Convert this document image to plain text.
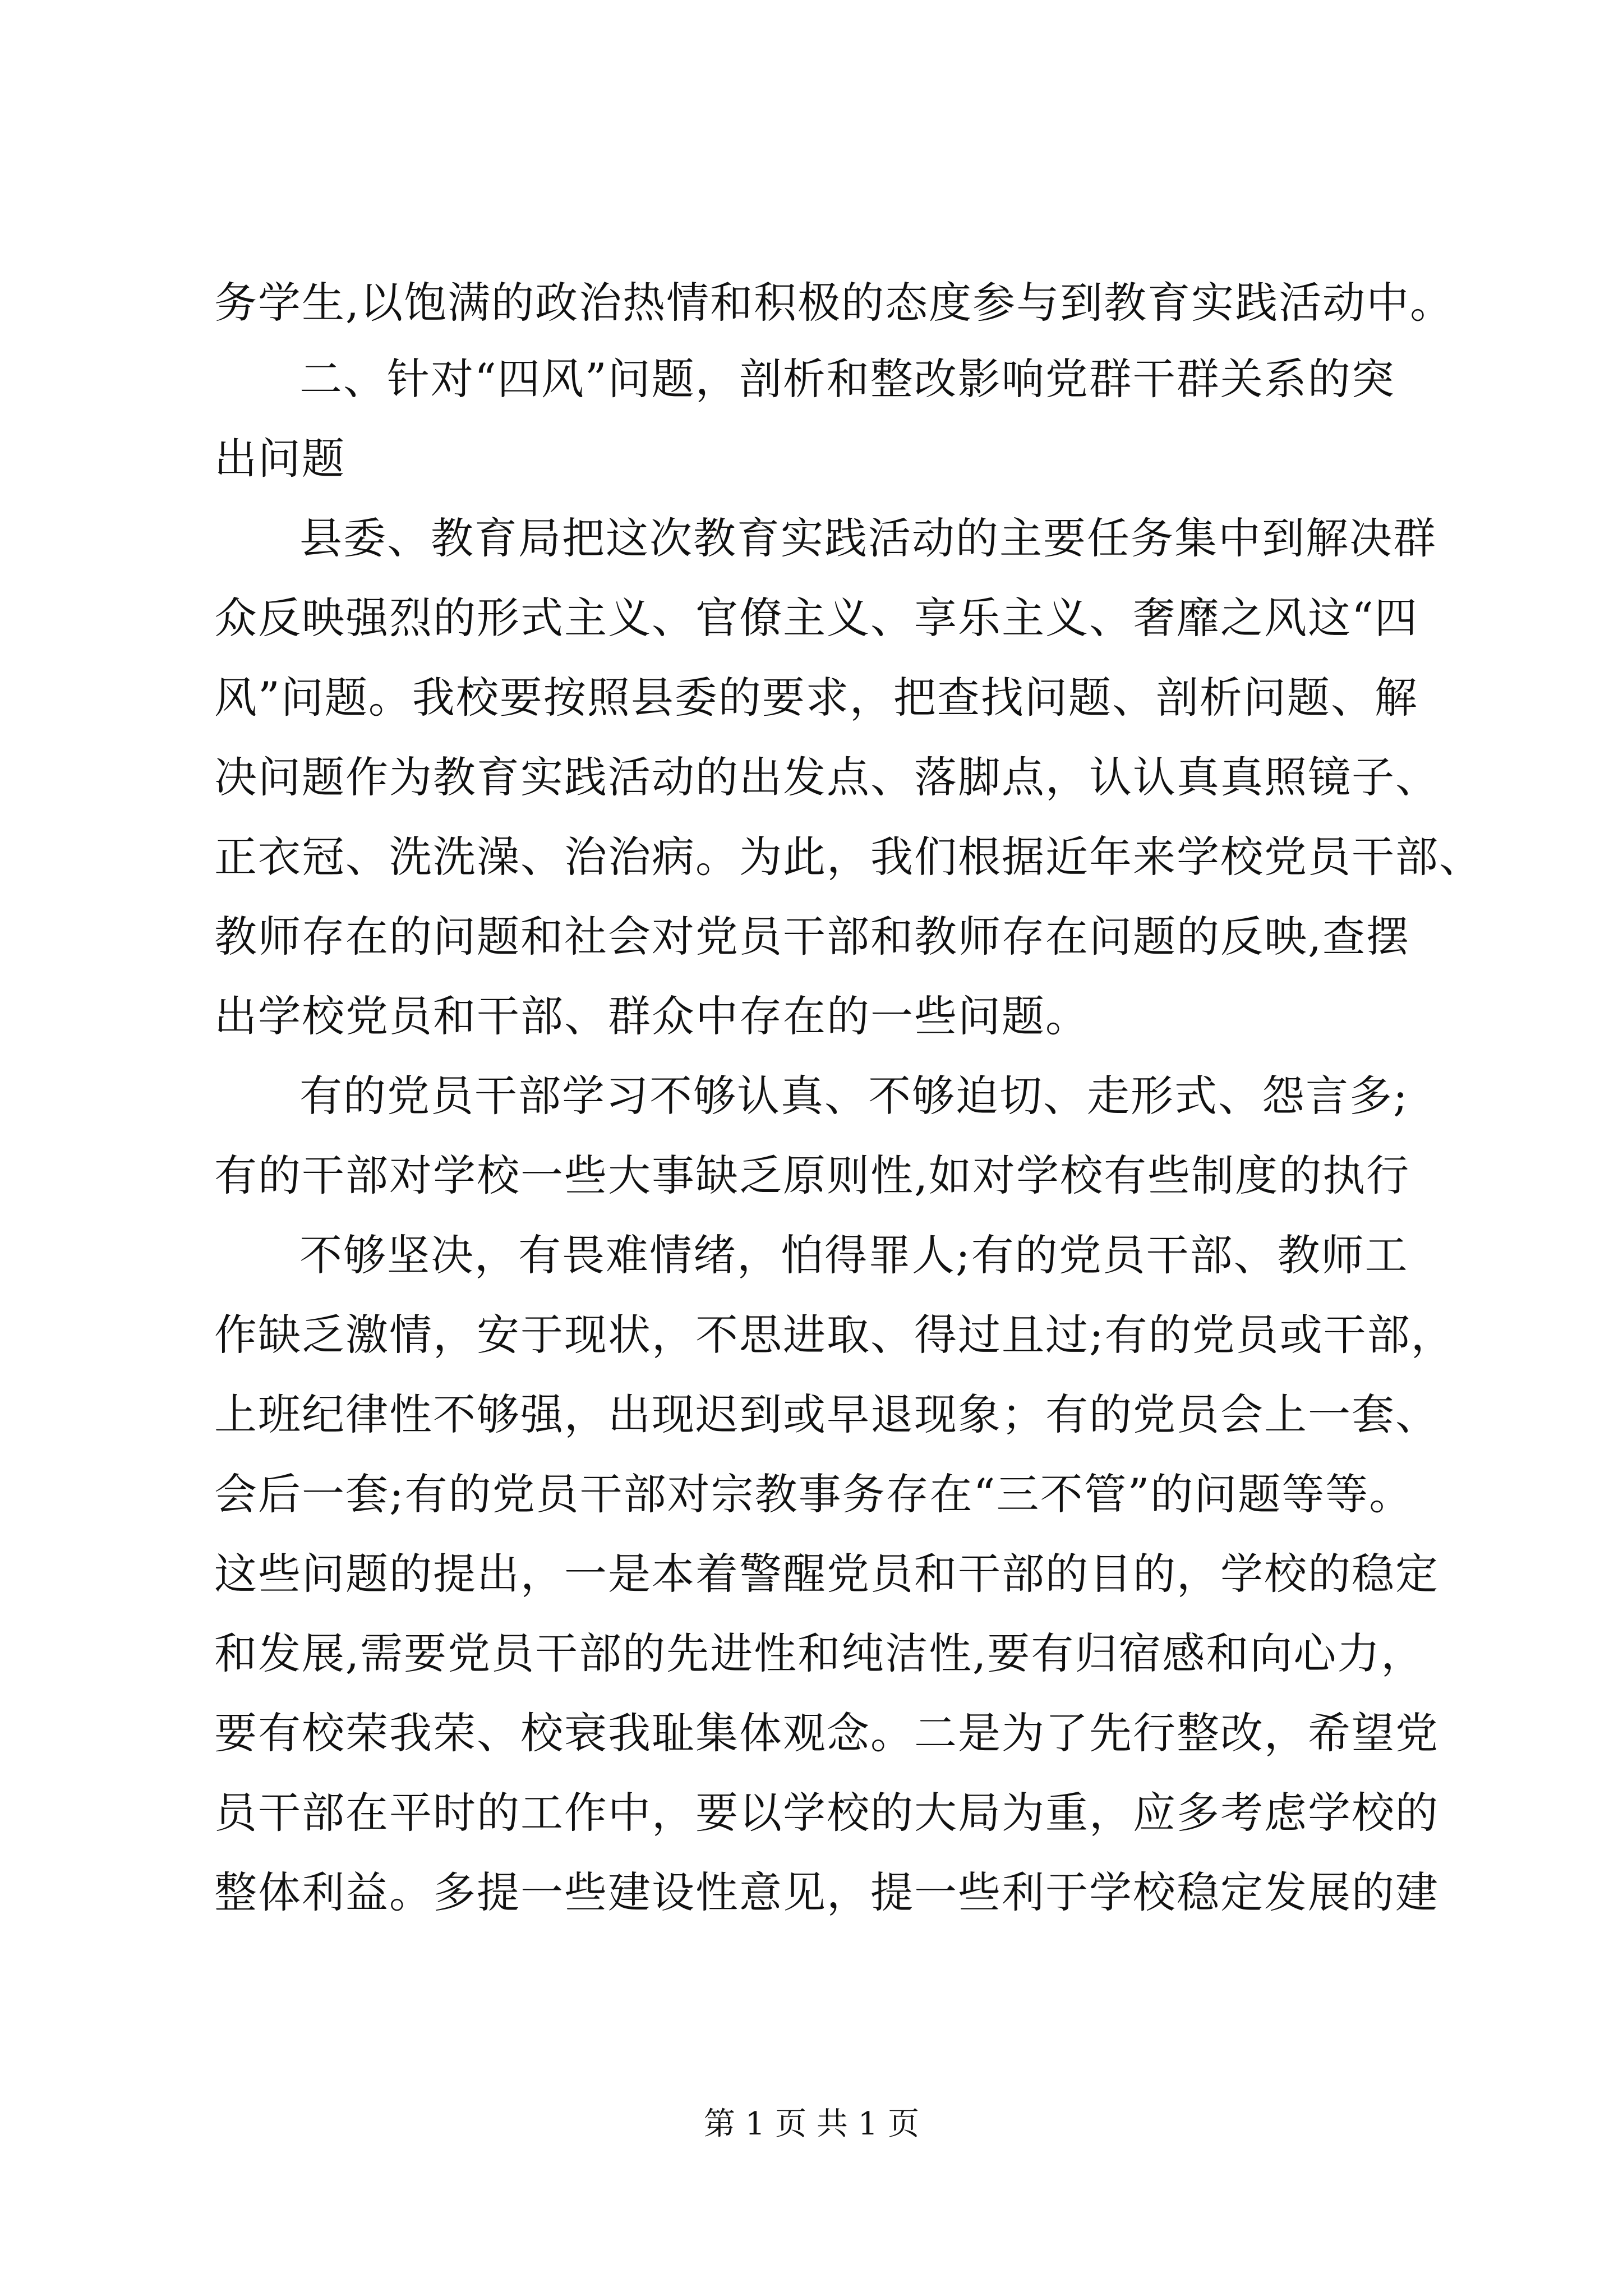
务学生,以饱满的政治热情和积极的态度参与到教育实践活动中。
二、针对“四风”问题，剖析和整改影响党群干群关系的突
出问题
县委、教育局把这次教育实践活动的主要任务集中到解决群
众反映强烈的形式主义、官僚主义、享乐主义、奢靡之风这“四
风”问题。我校要按照县委的要求，把查找问题、剖析问题、解
决问题作为教育实践活动的出发点、落脚点，认认真真照镜子、
正衣冠、洗洗澡、治治病。为此，我们根据近年来学校党员干部、
教师存在的问题和社会对党员干部和教师存在问题的反映,查摆
出学校党员和干部、群众中存在的一些问题。
有的党员干部学习不够认真、不够迫切、走形式、怨言多;
有的干部对学校一些大事缺乏原则性,如对学校有些制度的执行
不够坚决，有畏难情绪，怕得罪人;有的党员干部、教师工
作缺乏激情，安于现状，不思进取、得过且过;有的党员或干部，
上班纪律性不够强，出现迟到或早退现象；有的党员会上一套、
会后一套;有的党员干部对宗教事务存在“三不管”的问题等等。
这些问题的提出，一是本着警醒党员和干部的目的，学校的稳定
和发展,需要党员干部的先进性和纯洁性,要有归宿感和向心力，
要有校荣我荣、校衰我耻集体观念。二是为了先行整改，希望党
员干部在平时的工作中，要以学校的大局为重，应多考虑学校的
整体利益。多提一些建设性意见，提一些利于学校稳定发展的建
第 1 页 共 1 页
